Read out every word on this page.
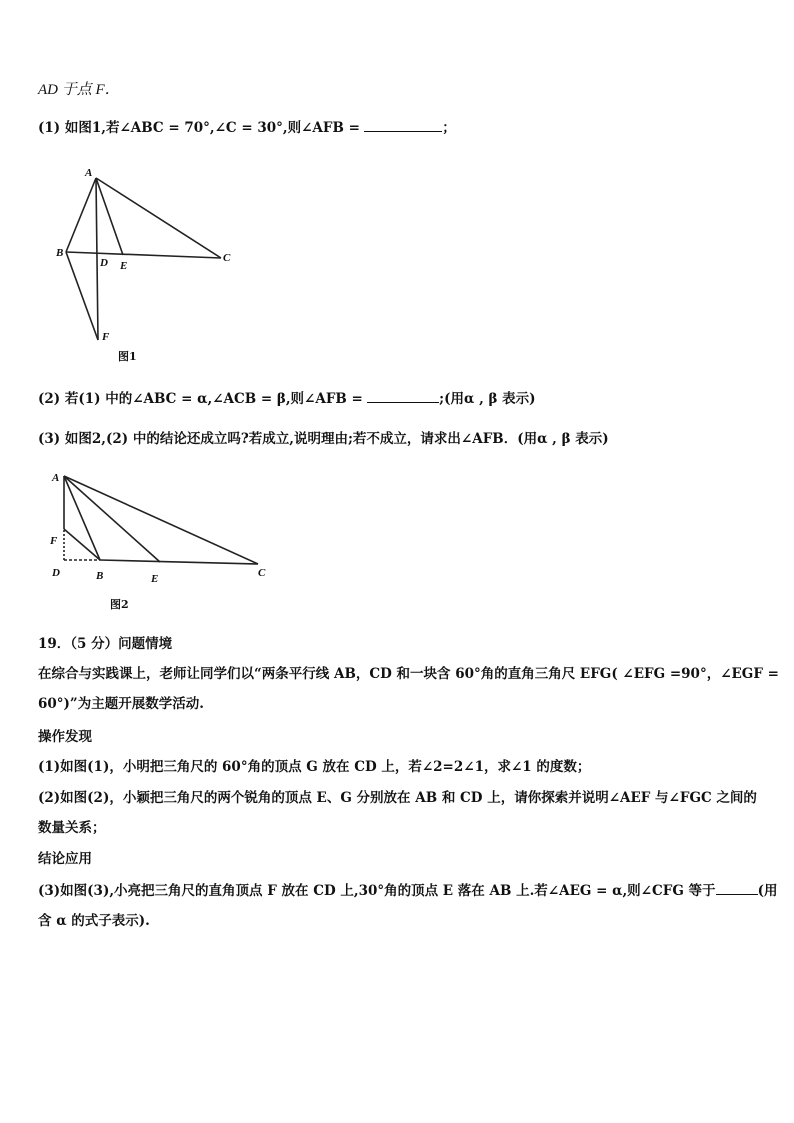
AD 于点 F．
(1) 如图1,若∠ABC = 70°,∠C = 30°,则∠AFB =	；
A
B	C
D E
F
图1
(2) 若(1) 中的∠ABC = α,∠ACB = β,则∠AFB =	;(用α , β 表示)
(3) 如图2,(2) 中的结论还成立吗?若成立,说明理由;若不成立，请求出∠AFB．(用α , β 表示)
A
F
D	B	E	C
图2
19．（5 分）问题情境
在综合与实践课上，老师让同学们以“两条平行线 AB，CD 和一块含 60°角的直角三角尺 EFG( ∠EFG =90°，∠EGF =
60°)”为主题开展数学活动.
操作发现
(1)如图(1)，小明把三角尺的 60°角的顶点 G 放在 CD 上，若∠2=2∠1，求∠1 的度数；
(2)如图(2)，小颖把三角尺的两个锐角的顶点 E、G 分别放在 AB 和 CD 上，请你探索并说明∠AEF 与∠FGC 之间的
数量关系；
结论应用
(3)如图(3),小亮把三角尺的直角顶点 F 放在 CD 上,30°角的顶点 E 落在 AB 上.若∠AEG = α,则∠CFG 等于	(用
含 α 的式子表示).
